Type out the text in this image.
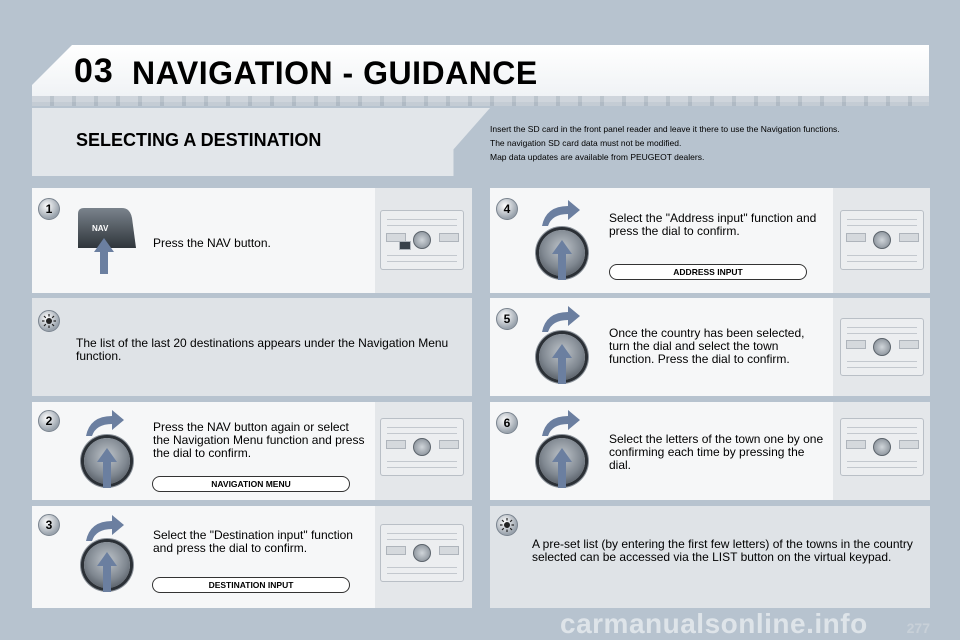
03 NAVIGATION - GUIDANCE
SELECTING A DESTINATION
Insert the SD card in the front panel reader and leave it there to use the Navigation functions.
The navigation SD card data must not be modified.
Map data updates are available from PEUGEOT dealers.
1
NAV
Press the NAV button.
The list of the last 20 destinations appears under the Navigation Menu function.
2	Press the NAV button again or select the Navigation Menu function and press the dial to confirm.
NAVIGATION MENU
3
Select the "Destination input" function and press the dial to confirm.
DESTINATION INPUT
4
Select the "Address input" function and press the dial to confirm.
ADDRESS INPUT
5
Once the country has been selected, turn the dial and select the town function. Press the dial to confirm.
6
Select the letters of the town one by one confirming each time by pressing the dial.
A pre-set list (by entering the first few letters) of the towns in the country selected can be accessed via the LIST button on the virtual keypad.
277
carmanualsonline.info
